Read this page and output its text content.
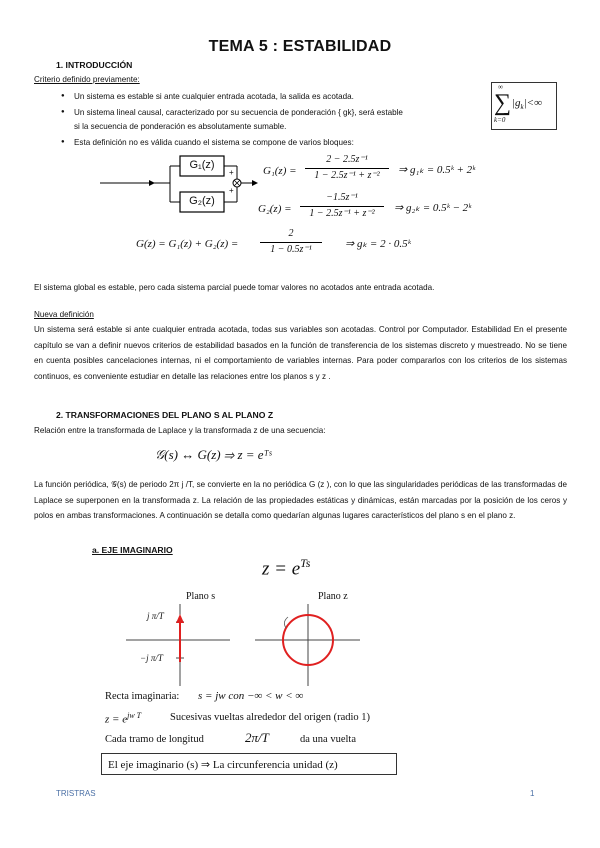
TEMA 5 : ESTABILIDAD
1. INTRODUCCIÓN
Criterio definido previamente:
● Un sistema es estable si ante cualquier entrada acotada, la salida es acotada.
● Un sistema lineal causal, caracterizado por su secuencia de ponderación { gk}, será estable
si la secuencia de ponderación es absolutamente sumable.
● Esta definición no es válida cuando el sistema se compone de varios bloques:
∞
∑
k=0
$|g_k|<\infty$
G₁(z)
G₂(z)
+
+
G₁(z) =
2 − 2.5z⁻¹
1 − 2.5z⁻¹ + z⁻²	⇒ g₁ₖ = 0.5ᵏ + 2ᵏ
G₂(z) =
−1.5z⁻¹
1 − 2.5z⁻¹ + z⁻²	⇒ g₂ₖ = 0.5ᵏ − 2ᵏ
G(z) = G₁(z) + G₂(z) =
2
1 − 0.5z⁻¹	⇒ gₖ = 2 · 0.5ᵏ
El sistema global es estable, pero cada sistema parcial puede tomar valores no acotados ante entrada acotada.
Nueva definición
Un sistema será estable si ante cualquier entrada acotada, todas sus variables son acotadas. Control por Computador. Estabilidad En el presente capítulo se van a definir nuevos criterios de estabilidad basados en la función de transferencia de los sistemas discreto y muestreado. No se tiene en cuenta posibles cancelaciones internas, ni el comportamiento de variables internas. Para poder compararlos con los criterios de los sistemas continuos, es conveniente estudiar en detalle las relaciones entre los planos s y z .
2. TRANSFORMACIONES DEL PLANO S AL PLANO Z
Relación entre la transformada de Laplace y la transformada z de una secuencia:
𝒢(s) ↔ G(z) ⇒ z = eᵀˢ
La función periódica, 𝒢(s) de periodo 2π j /T, se convierte en la no periódica G (z ), con lo que las singularidades periódicas de las transformadas de Laplace se superponen en la transformada z. La relación de las propiedades estáticas y dinámicas, están marcadas por la posición de los ceros y polos en ambas transformaciones. A continuación se detalla como quedarían algunas lugares característicos del plano s en el plano z.
a. EJE IMAGINARIO
$z = e^{Ts}$
Plano s	Plano z
j π/T
−j π/T
Recta imaginaria: s = jw con −∞ < w < ∞
$z = e^{jw T}$	Sucesivas vueltas alrededor del origen (radio 1)
Cada tramo de longitud	2π/T	da una vuelta
El eje imaginario (s) ⇒ La circunferencia unidad (z)
TRISTRAS	1
